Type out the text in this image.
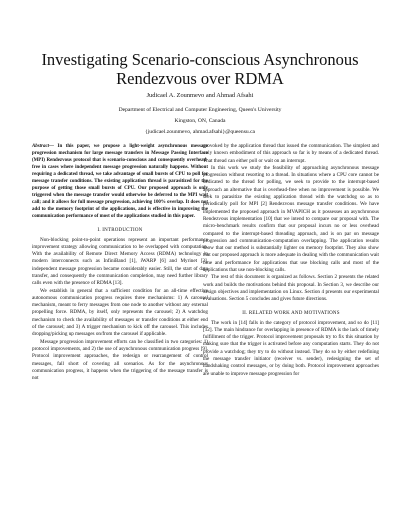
Investigating Scenario-conscious Asynchronous
Rendezvous over RDMA
Judicael A. Zounmevo and Ahmad Afsahi
Department of Electrical and Computer Engineering, Queen's University
Kingston, ON, Canada
{judicael.zounmevo, ahmad.afsahi}@queensu.ca

Abstract— In this paper, we propose a light-weight asynchronous message progression mechanism for large message transfers in Message Passing Interface (MPI) Rendezvous protocol that is scenario-conscious and consequently overhead-free in cases where independent message progression naturally happens. Without requiring a dedicated thread, we take advantage of small bursts of CPU to poll for message transfer conditions. The existing application thread is parasitized for the purpose of getting those small bursts of CPU. Our proposed approach is only triggered when the message transfer would otherwise be deferred to the MPI wait call; and it allows for full message progression, achieving 100% overlap. It does not add to the memory footprint of the applications, and is effective in improving the communication performance of most of the applications studied in this paper.

I. INTRODUCTION

Non-blocking point-to-point operations represent an important performance improvement strategy allowing communication to be overlapped with computation. With the availability of Remote Direct Memory Access (RDMA) technology in modern interconnects such as InfiniBand [1], iWARP [6] and Myrinet [3], independent message progression became considerably easier. Still, the start of data transfer, and consequently the communication completion, may need further library calls even with the presence of RDMA [13].

We establish in general that a sufficient condition for an all-time effective autonomous communication progress requires three mechanisms: 1) A carousel mechanism, meant to ferry messages from one node to another without any external propelling force. RDMA, by itself, only represents the carousel; 2) A watchdog mechanism to check the availability of messages or transfer conditions at either end of the carousel; and 3) A trigger mechanism to kick off the carousel. This includes dropping/picking up messages on/from the carousel if applicable.

Message progression improvement efforts can be classified in two categories: 1) protocol improvements, and 2) the use of asynchronous communication progress [9]. Protocol improvement approaches, the redesign or rearrangement of control messages, fall short of covering all scenarios. As for the asynchronous communication progress, it happens when the triggering of the message transfer is not

provoked by the application thread that issued the communication. The simplest and only known embodiment of this approach so far is by means of a dedicated thread. That thread can either poll or wait on an interrupt.

In this work we study the feasibility of approaching asynchronous message progression without resorting to a thread. In situations where a CPU core cannot be dedicated to the thread for polling, we seek to provide to the interrupt-based approach an alternative that is overhead-free when no improvement is possible. We seek to parasitize the existing application thread with the watchdog so as to periodically poll for MPI [2] Rendezvous message transfer conditions. We have implemented the proposed approach in MVAPICH as it possesses an asynchronous Rendezvous implementation [10] that we intend to compare our proposal with. The micro-benchmark results confirm that our proposal incurs no or less overhead compared to the interrupt-based threading approach, and is on par on message progression and communication-computation overlapping. The application results show that our method is substantially lighter on memory footprint. They also show that our proposed approach is more adequate in dealing with the communication wait time and performance for applications that use blocking calls and most of the applications that use non-blocking calls.

The rest of this document is organized as follows. Section 2 presents the related work and builds the motivations behind this proposal. In Section 3, we describe our design objectives and implementation on Linux. Section 4 presents our experimental evaluations. Section 5 concludes and gives future directions.

II. RELATED WORK AND MOTIVATIONS

The work in [14] falls in the category of protocol improvement, and so do [11][12]. The main hindrance for overlapping in presence of RDMA is the lack of timely fulfillment of the trigger. Protocol improvement proposals try to fix this situation by making sure that the trigger is activated before any computation starts. They do not provide a watchdog; they try to do without instead. They do so by either redefining the message transfer initiator (receiver vs. sender), redesigning the set of handshaking control messages, or by doing both. Protocol improvement approaches are unable to improve message progression for
